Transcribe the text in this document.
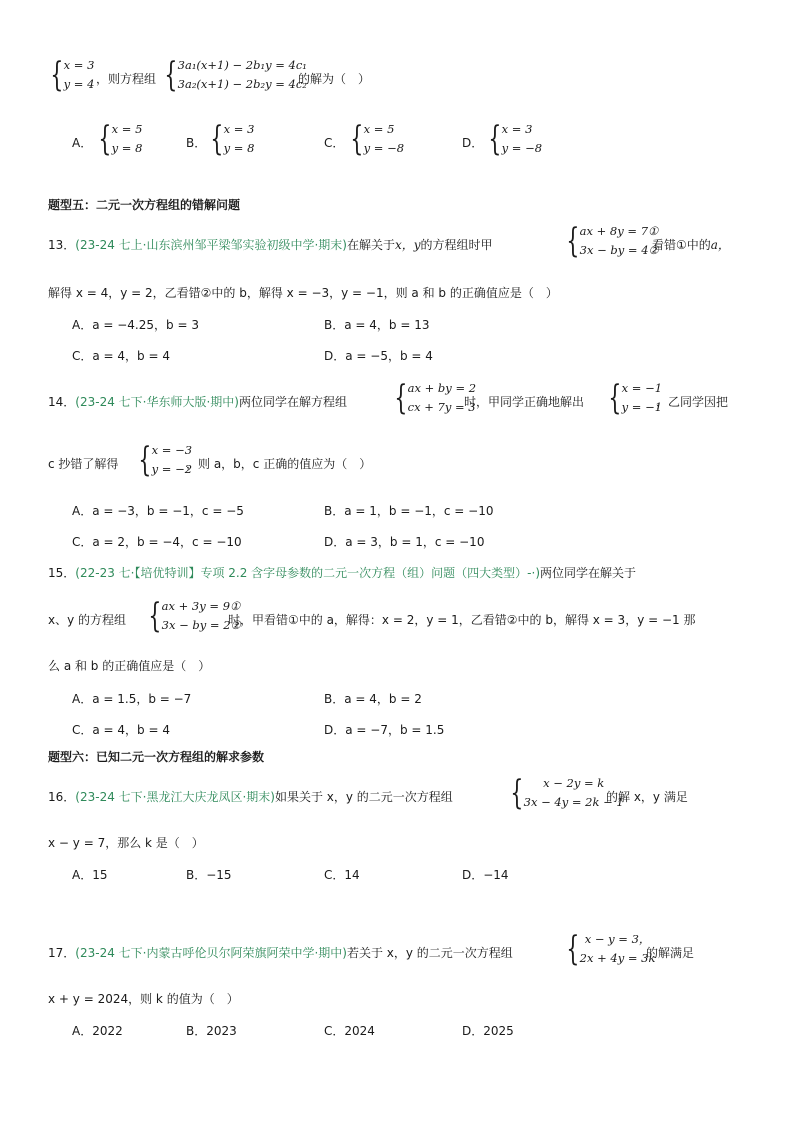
{ x = 3
y = 4 ，则方程组 { 3a₁(x+1) − 2b₁y = 4c₁
3a₂(x+1) − 2b₂y = 4c₂
的解为（　）
A． { x = 5
y = 8	B． { x = 3
y = 8	C． { x = 5
y = −8	D． { x = 3
y = −8
题型五：二元一次方程组的错解问题
13．(23-24 七上·山东滨州邹平梁邹实验初级中学·期末)在解关于x，y的方程组时甲 { ax + 8y = 7①
3x − by = 4②
看错①中的a，
解得 x = 4，y = 2，乙看错②中的 b，解得 x = −3，y = −1，则 a 和 b 的正确值应是（　）
A．a = −4.25，b = 3	B．a = 4，b = 13
C．a = 4，b = 4	D．a = −5，b = 4
14．(23-24 七下·华东师大版·期中)两位同学在解方程组 { ax + by = 2
cx + 7y = 3
时，甲同学正确地解出 { x = −1
y = −1
，乙同学因把
c 抄错了解得 { x = −3
y = −2
，则 a，b，c 正确的值应为（　）
A．a = −3，b = −1，c = −5	B．a = 1，b = −1，c = −10
C．a = 2，b = −4，c = −10	D．a = 3，b = 1，c = −10
15．(22-23 七·【培优特训】专项 2.2 含字母参数的二元一次方程（组）问题（四大类型）-·)两位同学在解关于
x、y 的方程组 { ax + 3y = 9①
3x − by = 2②
时，甲看错①中的 a，解得：x = 2，y = 1，乙看错②中的 b，解得 x = 3，y = −1 那
么 a 和 b 的正确值应是（　）
A．a = 1.5，b = −7	B．a = 4，b = 2
C．a = 4，b = 4	D．a = −7，b = 1.5
题型六：已知二元一次方程组的解求参数
16．(23-24 七下·黑龙江大庆龙凤区·期末)如果关于 x，y 的二元一次方程组 { x − 2y = k
3x − 4y = 2k − 1
的解 x，y 满足
x − y = 7，那么 k 是（　）
A．15	B．−15	C．14	D．−14
17．(23-24 七下·内蒙古呼伦贝尔阿荣旗阿荣中学·期中)若关于 x，y 的二元一次方程组 { x − y = 3，
2x + 4y = 3k
的解满足
x + y = 2024，则 k 的值为（　）
A．2022	B．2023	C．2024	D．2025
